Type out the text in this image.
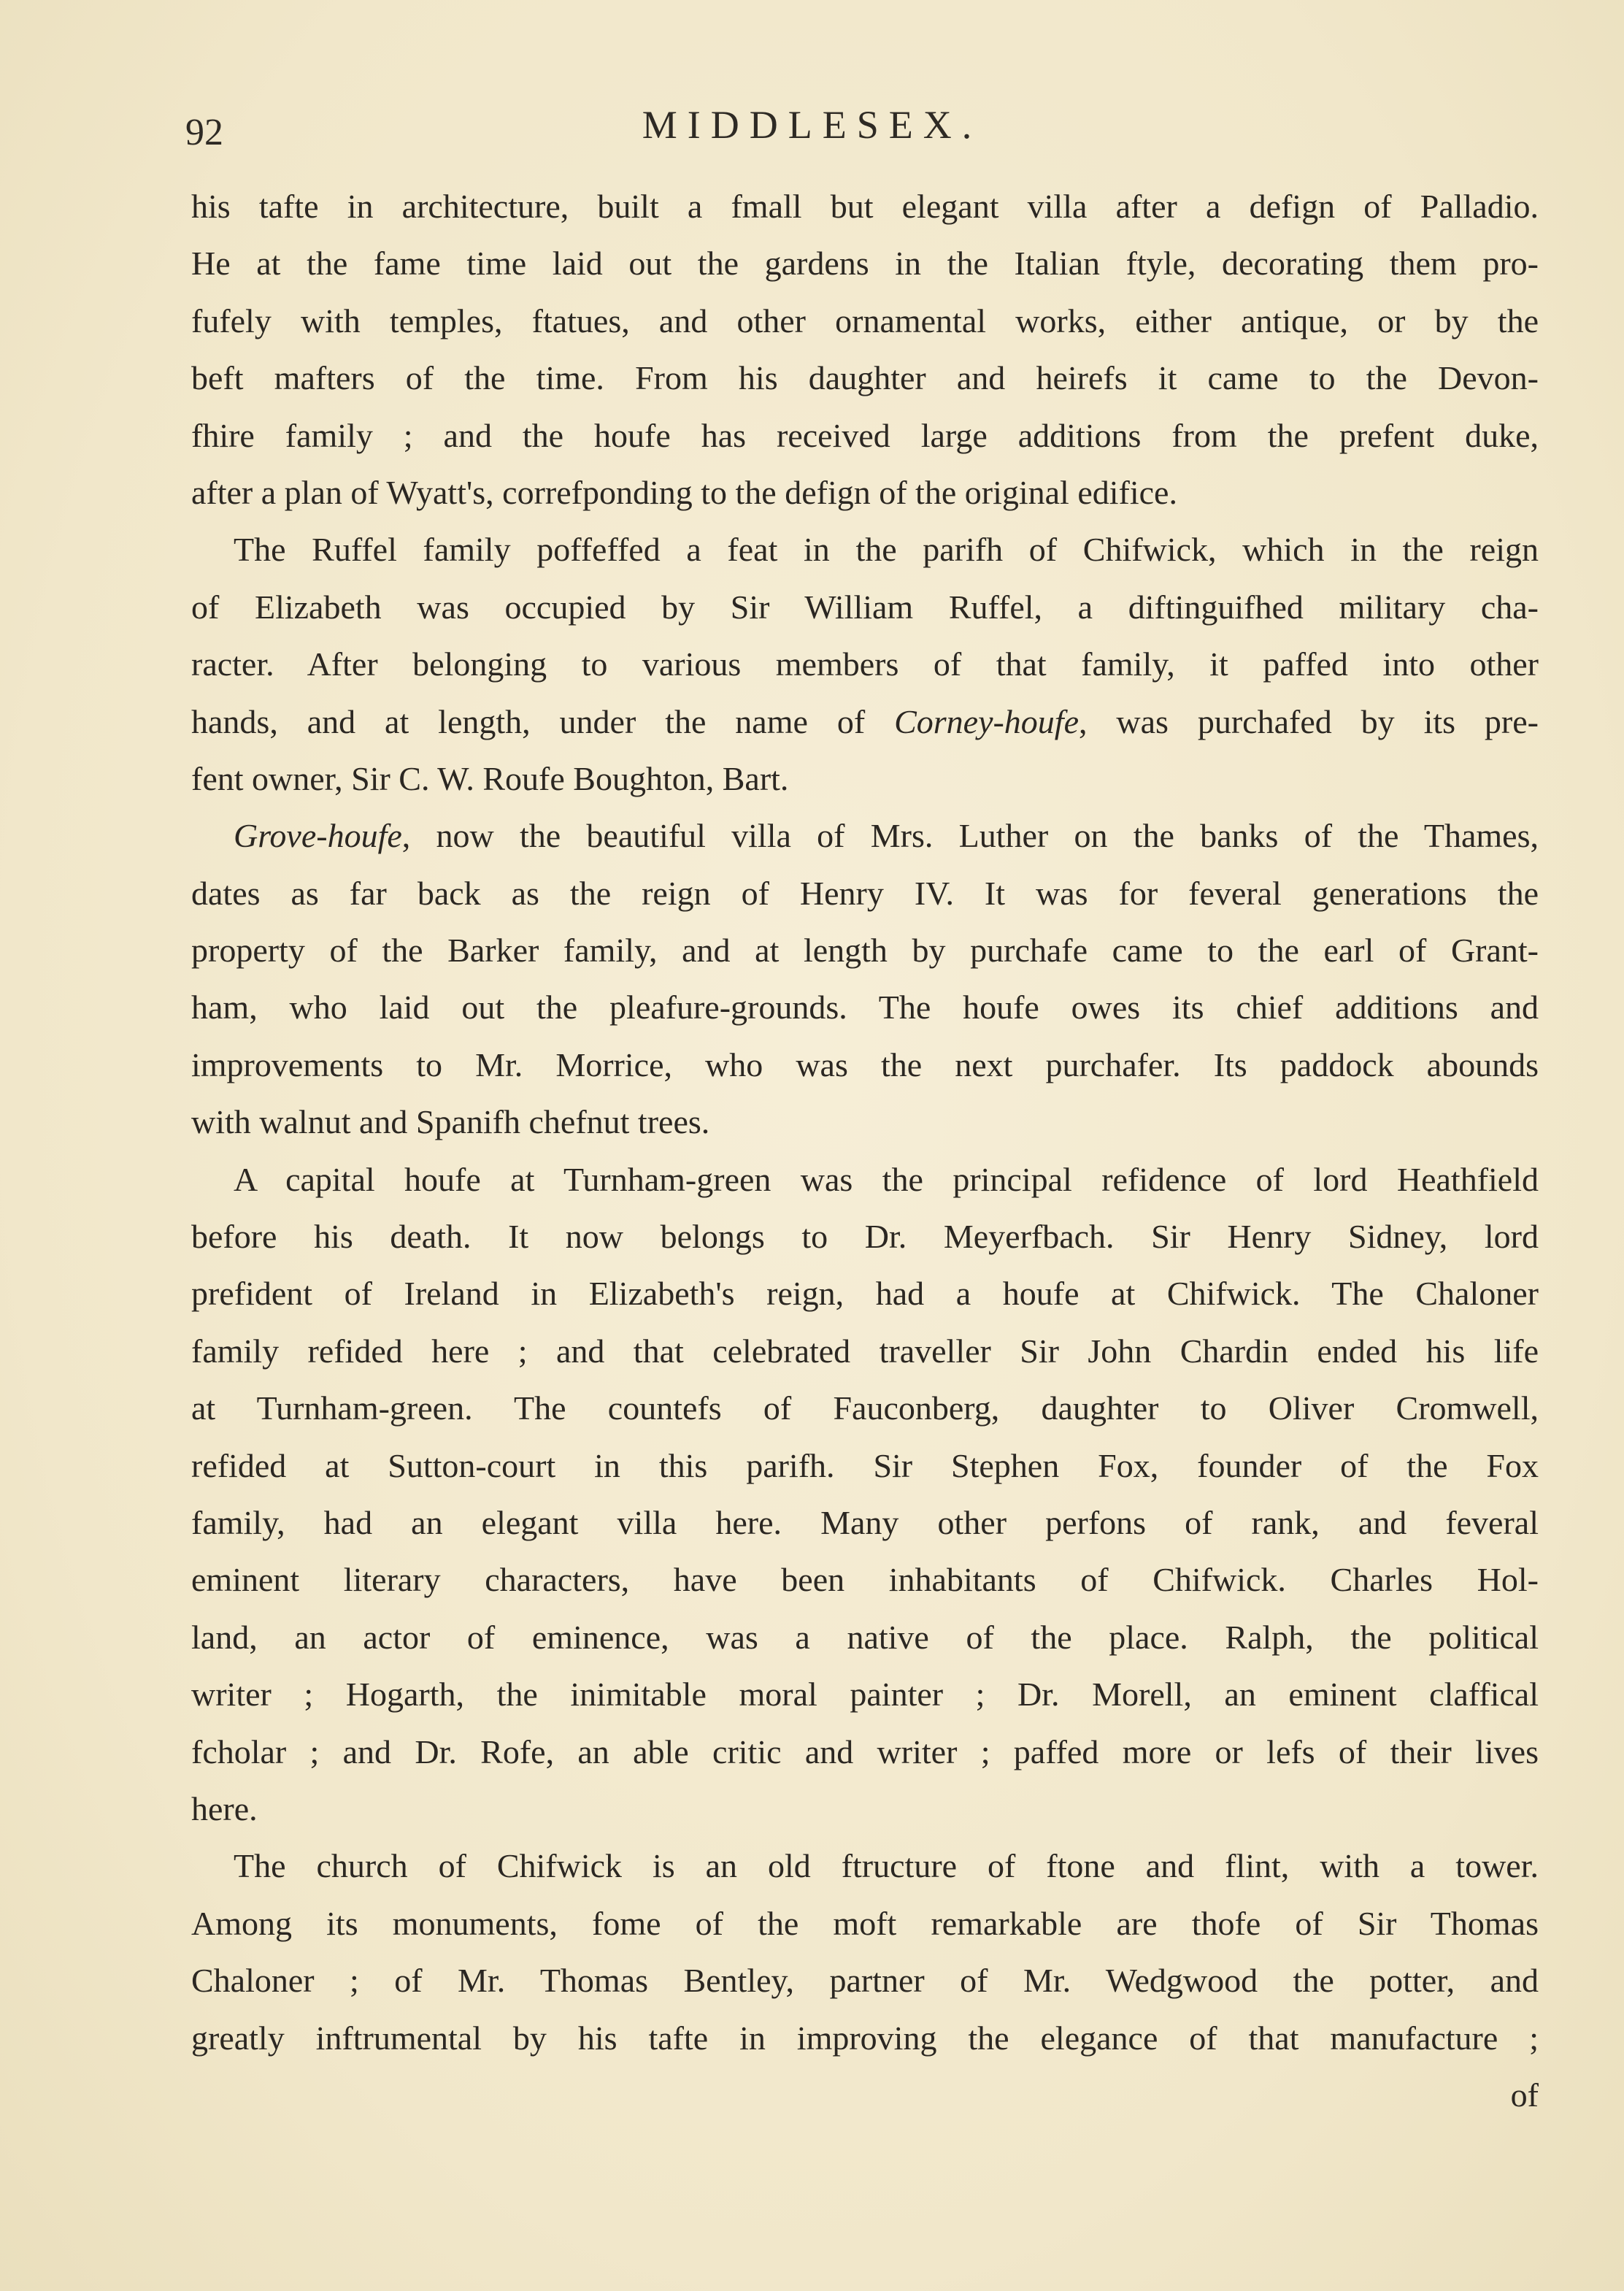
92	MIDDLESEX.
his tafte in architecture, built a fmall but elegant villa after a defign of Palladio.
He at the fame time laid out the gardens in the Italian ftyle, decorating them pro-
fufely with temples, ftatues, and other ornamental works, either antique, or by the
beft mafters of the time. From his daughter and heirefs it came to the Devon-
fhire family ; and the houfe has received large additions from the prefent duke,
after a plan of Wyatt's, correfponding to the defign of the original edifice.
The Ruffel family poffeffed a feat in the parifh of Chifwick, which in the reign
of Elizabeth was occupied by Sir William Ruffel, a diftinguifhed military cha-
racter. After belonging to various members of that family, it paffed into other
hands, and at length, under the name of Corney-houfe, was purchafed by its pre-
fent owner, Sir C. W. Roufe Boughton, Bart.
Grove-houfe, now the beautiful villa of Mrs. Luther on the banks of the Thames,
dates as far back as the reign of Henry IV. It was for feveral generations the
property of the Barker family, and at length by purchafe came to the earl of Grant-
ham, who laid out the pleafure-grounds. The houfe owes its chief additions and
improvements to Mr. Morrice, who was the next purchafer. Its paddock abounds
with walnut and Spanifh chefnut trees.
A capital houfe at Turnham-green was the principal refidence of lord Heathfield
before his death. It now belongs to Dr. Meyerfbach. Sir Henry Sidney, lord
prefident of Ireland in Elizabeth's reign, had a houfe at Chifwick. The Chaloner
family refided here ; and that celebrated traveller Sir John Chardin ended his life
at Turnham-green. The countefs of Fauconberg, daughter to Oliver Cromwell,
refided at Sutton-court in this parifh. Sir Stephen Fox, founder of the Fox
family, had an elegant villa here. Many other perfons of rank, and feveral
eminent literary characters, have been inhabitants of Chifwick. Charles Hol-
land, an actor of eminence, was a native of the place. Ralph, the political
writer ; Hogarth, the inimitable moral painter ; Dr. Morell, an eminent claffical
fcholar ; and Dr. Rofe, an able critic and writer ; paffed more or lefs of their lives
here.
The church of Chifwick is an old ftructure of ftone and flint, with a tower.
Among its monuments, fome of the moft remarkable are thofe of Sir Thomas
Chaloner ; of Mr. Thomas Bentley, partner of Mr. Wedgwood the potter, and
greatly inftrumental by his tafte in improving the elegance of that manufacture ;
of
